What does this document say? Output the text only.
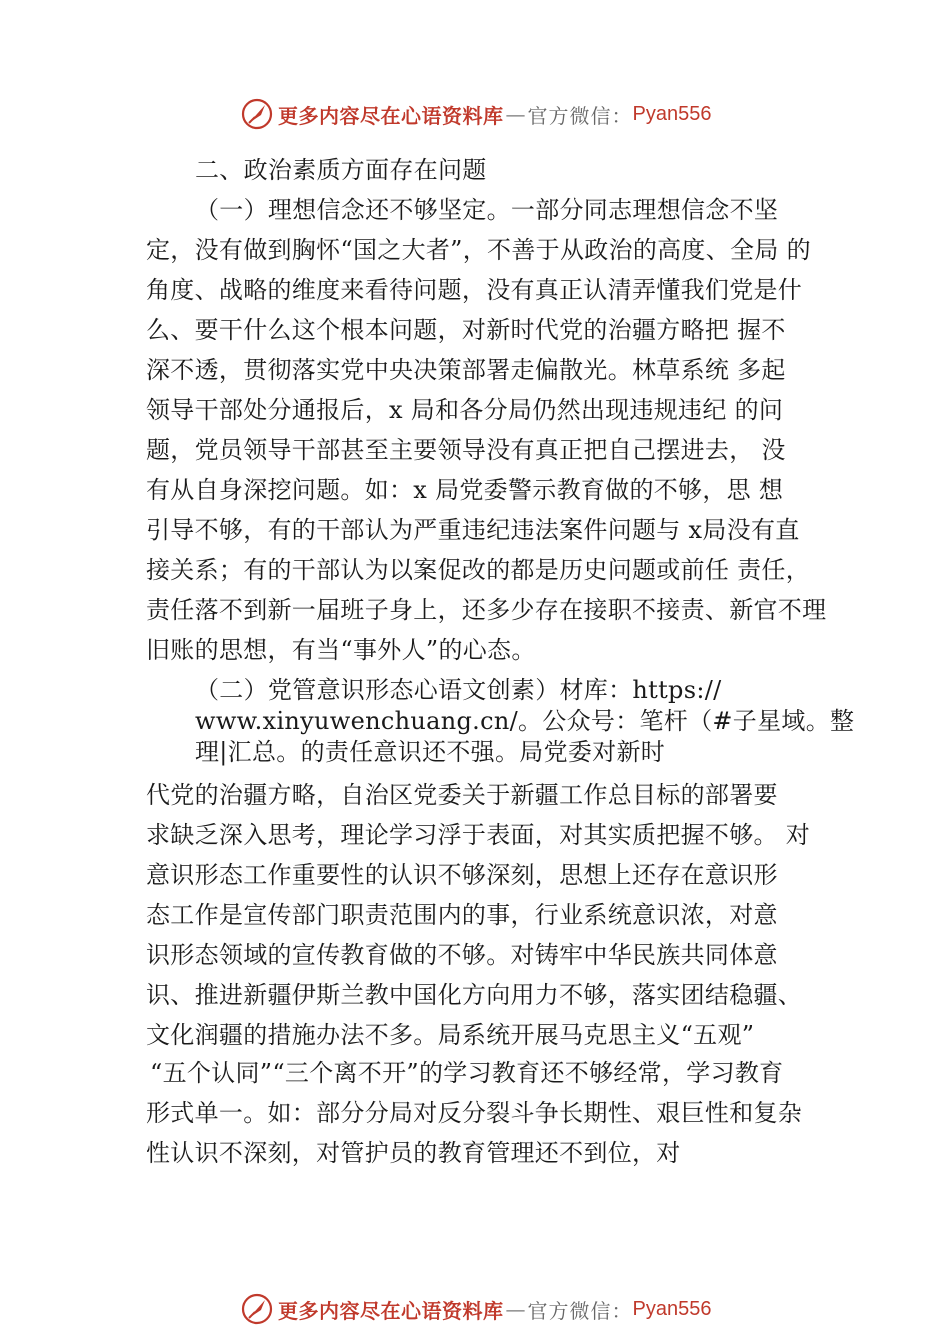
更多内容尽在心语资料库 — 官方微信： Pyan556
二、政治素质方面存在问题
（一）理想信念还不够坚定。一部分同志理想信念不坚
定，没有做到胸怀“国之大者”，不善于从政治的高度、全局 的
角度、战略的维度来看待问题，没有真正认清弄懂我们党是什
么、要干什么这个根本问题，对新时代党的治疆方略把 握不
深不透，贯彻落实党中央决策部署走偏散光。林草系统 多起
领导干部处分通报后，x 局和各分局仍然出现违规违纪 的问
题，党员领导干部甚至主要领导没有真正把自己摆进去， 没
有从自身深挖问题。如：x 局党委警示教育做的不够，思 想
引导不够，有的干部认为严重违纪违法案件问题与 x局没有直
接关系；有的干部认为以案促改的都是历史问题或前任 责任，
责任落不到新一届班子身上，还多少存在接职不接责、新官不理
旧账的思想，有当“事外人”的心态。
（二）党管意识形态心语文创素）材库：https://
www.xinyuwenchuang.cn/。公众号：笔杆（#子星域。整
理|汇总。的责任意识还不强。局党委对新时
代党的治疆方略，自治区党委关于新疆工作总目标的部署要
求缺乏深入思考，理论学习浮于表面，对其实质把握不够。 对
意识形态工作重要性的认识不够深刻，思想上还存在意识形
态工作是宣传部门职责范围内的事，行业系统意识浓，对意
识形态领域的宣传教育做的不够。对铸牢中华民族共同体意
识、推进新疆伊斯兰教中国化方向用力不够，落实团结稳疆、
文化润疆的措施办法不多。局系统开展马克思主义“五观”
“五个认同”“三个离不开”的学习教育还不够经常，学习教育
形式单一。如：部分分局对反分裂斗争长期性、艰巨性和复杂
性认识不深刻，对管护员的教育管理还不到位，对
更多内容尽在心语资料库 — 官方微信： Pyan556
